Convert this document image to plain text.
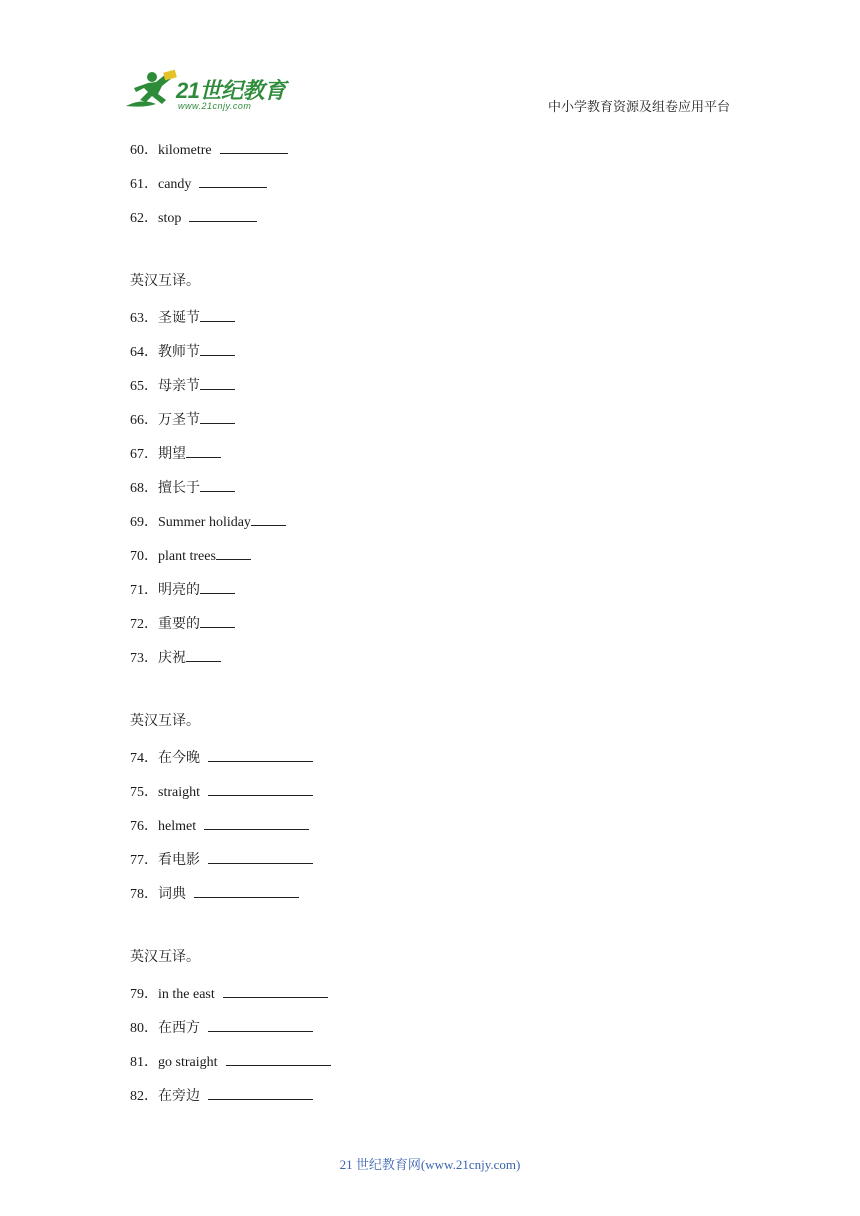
21世纪教育
www.21cnjy.com	中小学教育资源及组卷应用平台
60．kilometre
61．candy
62．stop
英汉互译。
63．圣诞节
64．教师节
65．母亲节
66．万圣节
67．期望
68．擅长于
69．Summer holiday
70．plant trees
71．明亮的
72．重要的
73．庆祝
英汉互译。
74．在今晚
75．straight
76．helmet
77．看电影
78．词典
英汉互译。
79．in the east
80．在西方
81．go straight
82．在旁边
21 世纪教育网(www.21cnjy.com)
